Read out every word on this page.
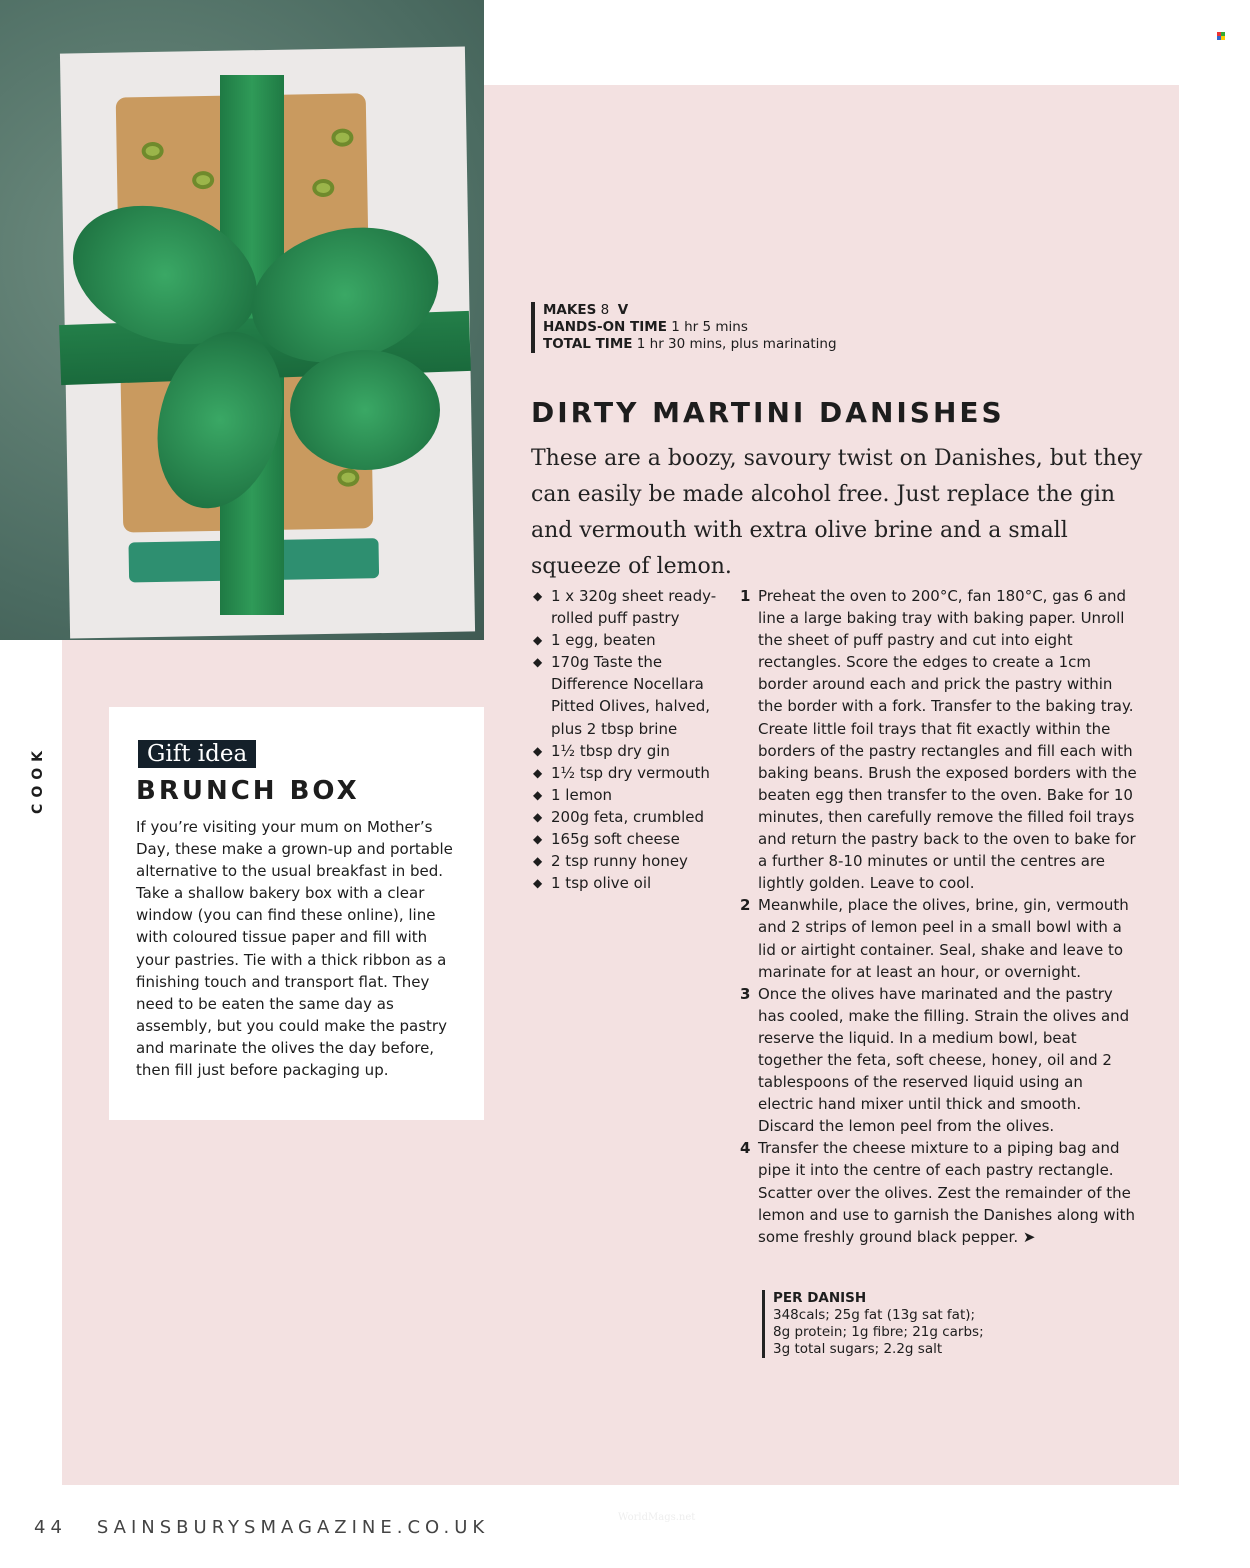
MAKES 8 V
HANDS-ON TIME 1 hr 5 mins
TOTAL TIME 1 hr 30 mins, plus marinating
DIRTY MARTINI DANISHES

These are a boozy, savoury twist on Danishes, but they can easily be made alcohol free. Just replace the gin and vermouth with extra olive brine and a small squeeze of lemon.

◆ 1 x 320g sheet ready-rolled puff pastry
◆ 1 egg, beaten
◆ 170g Taste the Difference Nocellara Pitted Olives, halved, plus 2 tbsp brine
◆ 1½ tbsp dry gin
◆ 1½ tsp dry vermouth
◆ 1 lemon
◆ 200g feta, crumbled
◆ 165g soft cheese
◆ 2 tsp runny honey
◆ 1 tsp olive oil
1 Preheat the oven to 200°C, fan 180°C, gas 6 and line a large baking tray with baking paper. Unroll the sheet of puff pastry and cut into eight rectangles. Score the edges to create a 1cm border around each and prick the pastry within the border with a fork. Transfer to the baking tray. Create little foil trays that fit exactly within the borders of the pastry rectangles and fill each with baking beans. Brush the exposed borders with the beaten egg then transfer to the oven. Bake for 10 minutes, then carefully remove the filled foil trays and return the pastry back to the oven to bake for a further 8-10 minutes or until the centres are lightly golden. Leave to cool.
2 Meanwhile, place the olives, brine, gin, vermouth and 2 strips of lemon peel in a small bowl with a lid or airtight container. Seal, shake and leave to marinate for at least an hour, or overnight.
3 Once the olives have marinated and the pastry has cooled, make the filling. Strain the olives and reserve the liquid. In a medium bowl, beat together the feta, soft cheese, honey, oil and 2 tablespoons of the reserved liquid using an electric hand mixer until thick and smooth. Discard the lemon peel from the olives.
4 Transfer the cheese mixture to a piping bag and pipe it into the centre of each pastry rectangle. Scatter over the olives. Zest the remainder of the lemon and use to garnish the Danishes along with some freshly ground black pepper. ➤
PER DANISH
348cals; 25g fat (13g sat fat);
8g protein; 1g fibre; 21g carbs;
3g total sugars; 2.2g salt
Gift idea
BRUNCH BOX

If you’re visiting your mum on Mother’s Day, these make a grown-up and portable alternative to the usual breakfast in bed. Take a shallow bakery box with a clear window (you can find these online), line with coloured tissue paper and fill with your pastries. Tie with a thick ribbon as a finishing touch and transport flat. They need to be eaten the same day as assembly, but you could make the pastry and marinate the olives the day before, then fill just before packaging up.

COOK
44 SAINSBURYSMAGAZINE.CO.UK	WorldMags.net
